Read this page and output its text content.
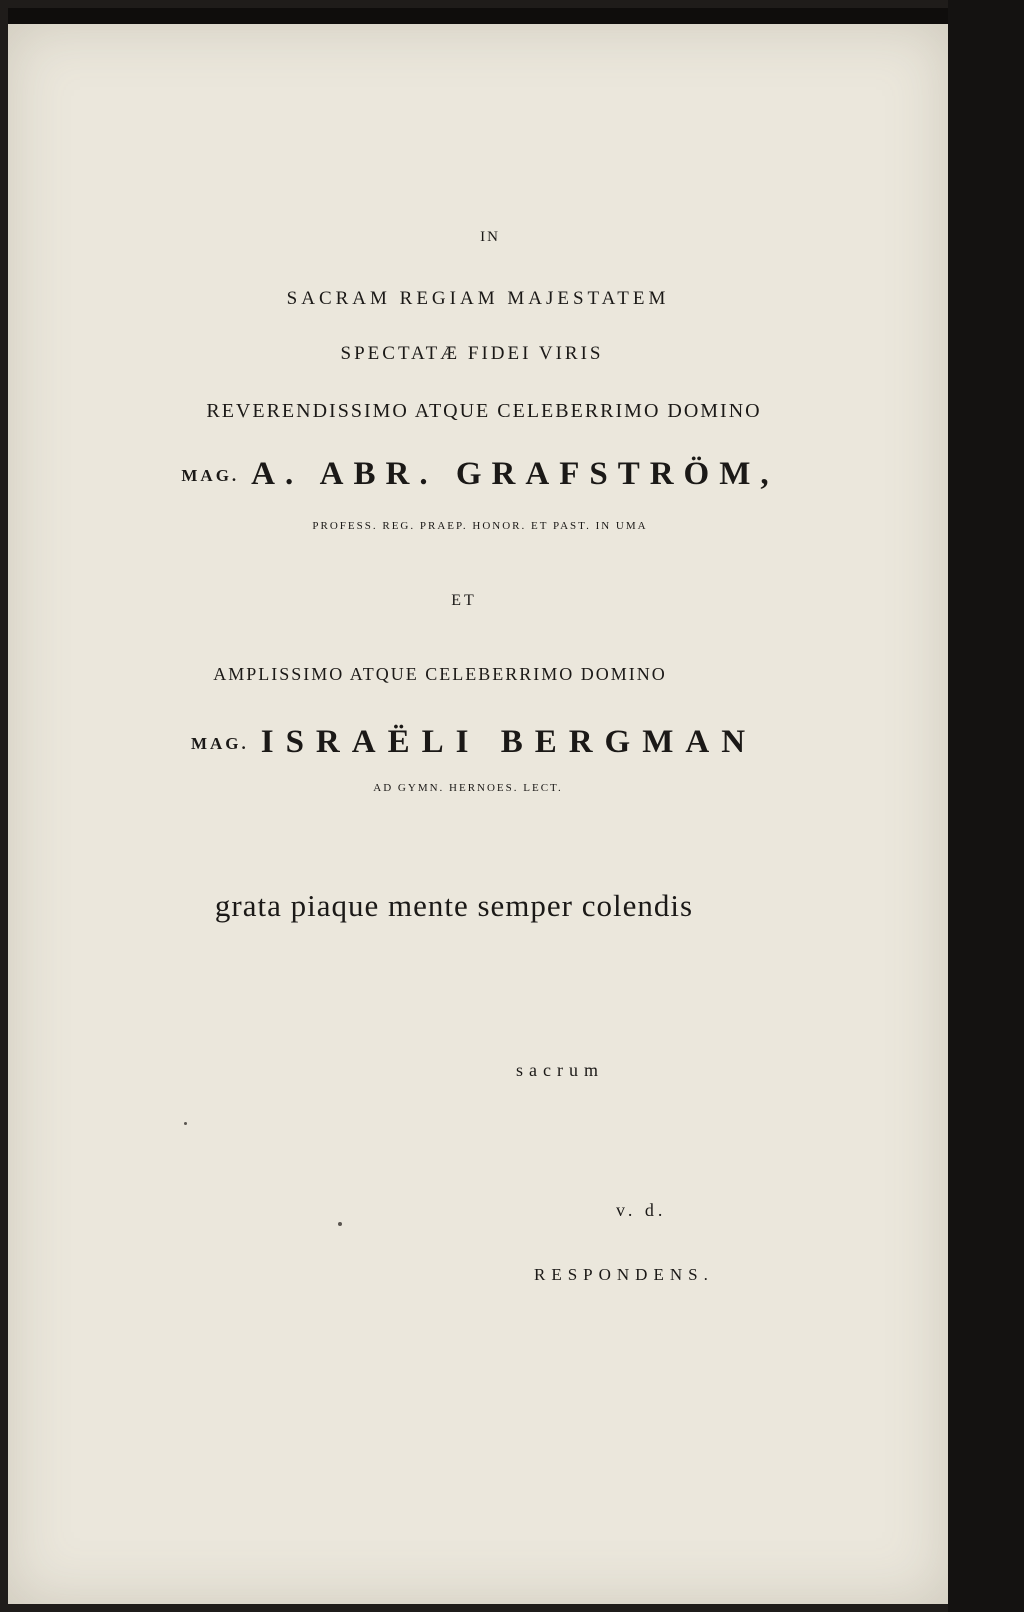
IN

SACRAM REGIAM MAJESTATEM

SPECTATÆ FIDEI VIRIS

REVERENDISSIMO ATQUE CELEBERRIMO DOMINO

MAG. A. ABR. GRAFSTRÖM,

PROFESS. REG. PRAEP. HONOR. ET PAST. IN UMA

ET

AMPLISSIMO ATQUE CELEBERRIMO DOMINO

MAG. ISRAËLI BERGMAN

AD GYMN. HERNOES. LECT.

grata piaque mente semper colendis

sacrum

v. d.

RESPONDENS.
